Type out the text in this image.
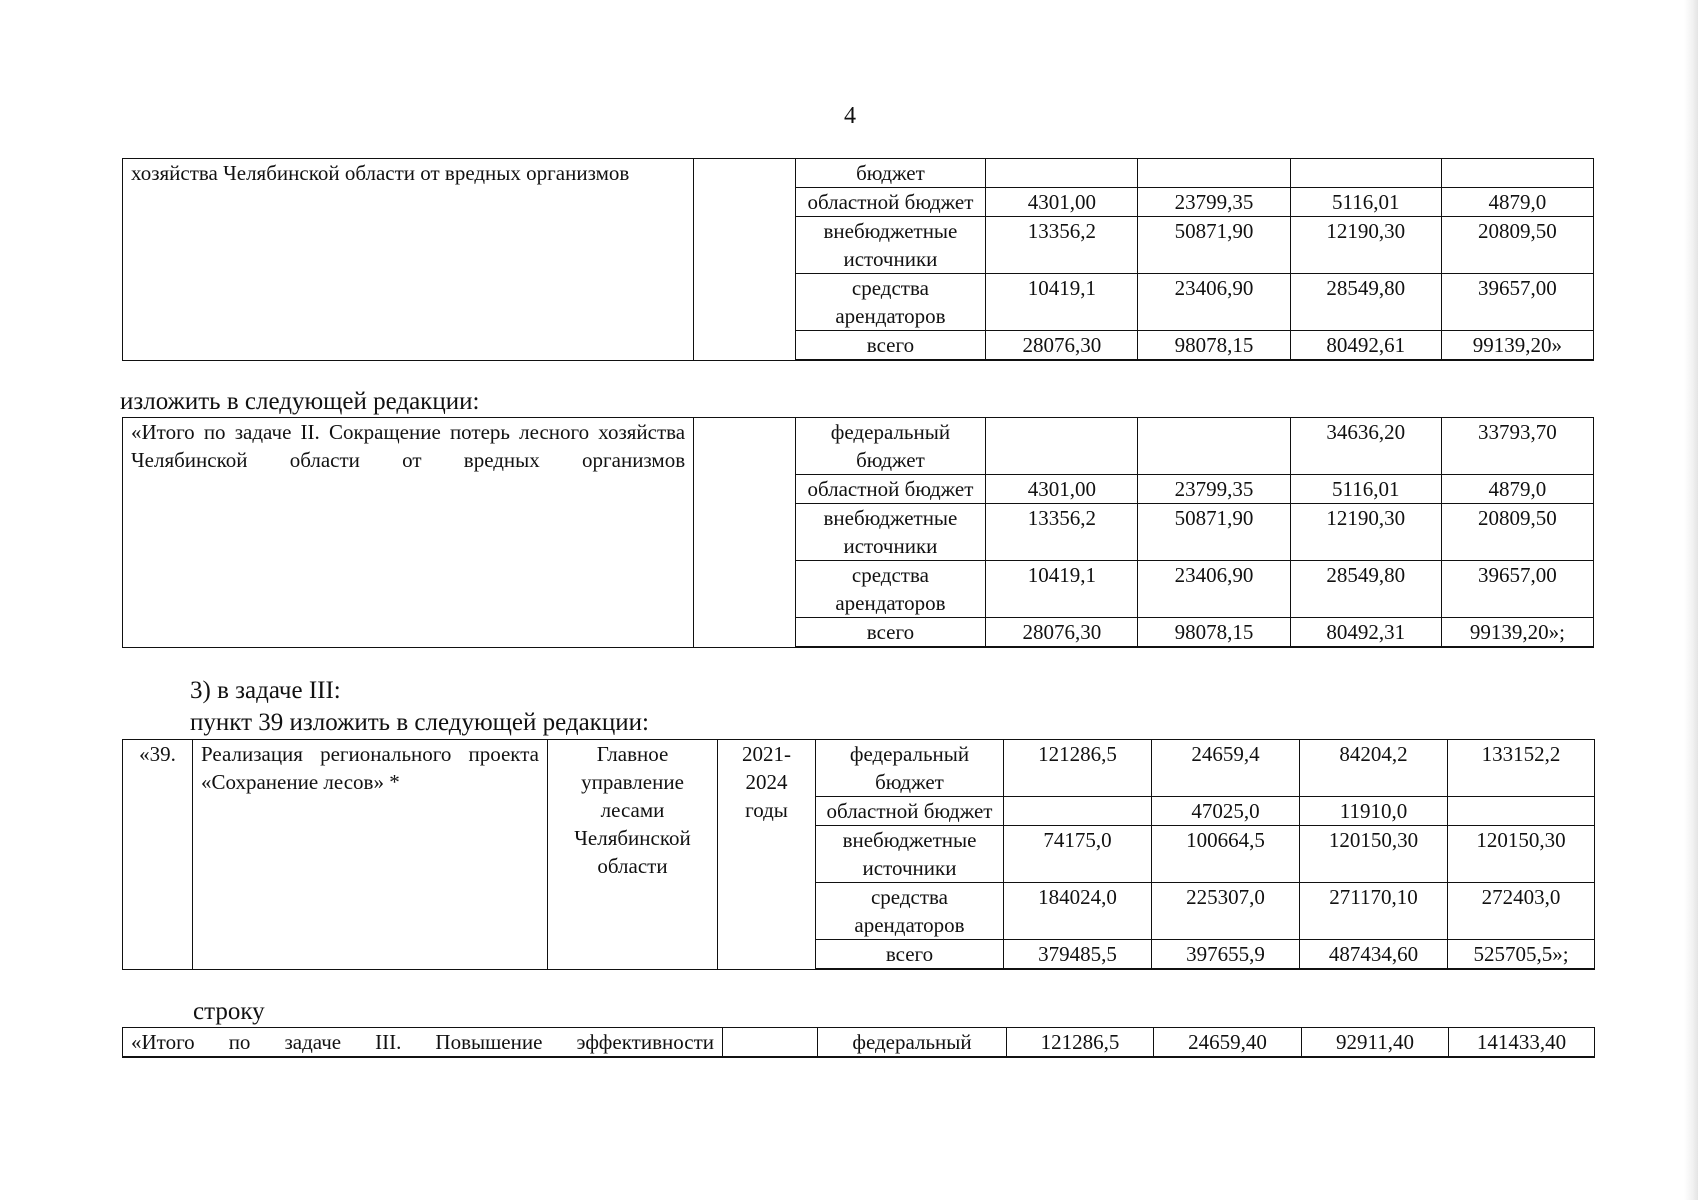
4
хозяйства Челябинской области от вредных организмов		бюджет				
		областной бюджет	4301,00	23799,35	5116,01	4879,0
		внебюджетные источники	13356,2	50871,90	12190,30	20809,50
		средства арендаторов	10419,1	23406,90	28549,80	39657,00
		всего	28076,30	98078,15	80492,61	99139,20»
изложить в следующей редакции:
«Итого по задаче II. Сокращение потерь лесного хозяйства Челябинской области от вредных организмов		федеральный бюджет			34636,20	33793,70
		областной бюджет	4301,00	23799,35	5116,01	4879,0
		внебюджетные источники	13356,2	50871,90	12190,30	20809,50
		средства арендаторов	10419,1	23406,90	28549,80	39657,00
		всего	28076,30	98078,15	80492,31	99139,20»;
3) в задаче III:
пункт 39 изложить в следующей редакции:
«39.	Реализация регионального проекта «Сохранение лесов» *	Главное управление лесами Челябинской области	2021-2024 годы	федеральный бюджет	121286,5	24659,4	84204,2	133152,2
				областной бюджет		47025,0	11910,0	
				внебюджетные источники	74175,0	100664,5	120150,30	120150,30
				средства арендаторов	184024,0	225307,0	271170,10	272403,0
				всего	379485,5	397655,9	487434,60	525705,5»;
строку
«Итого по задаче III. Повышение эффективности		федеральный	121286,5	24659,40	92911,40	141433,40
